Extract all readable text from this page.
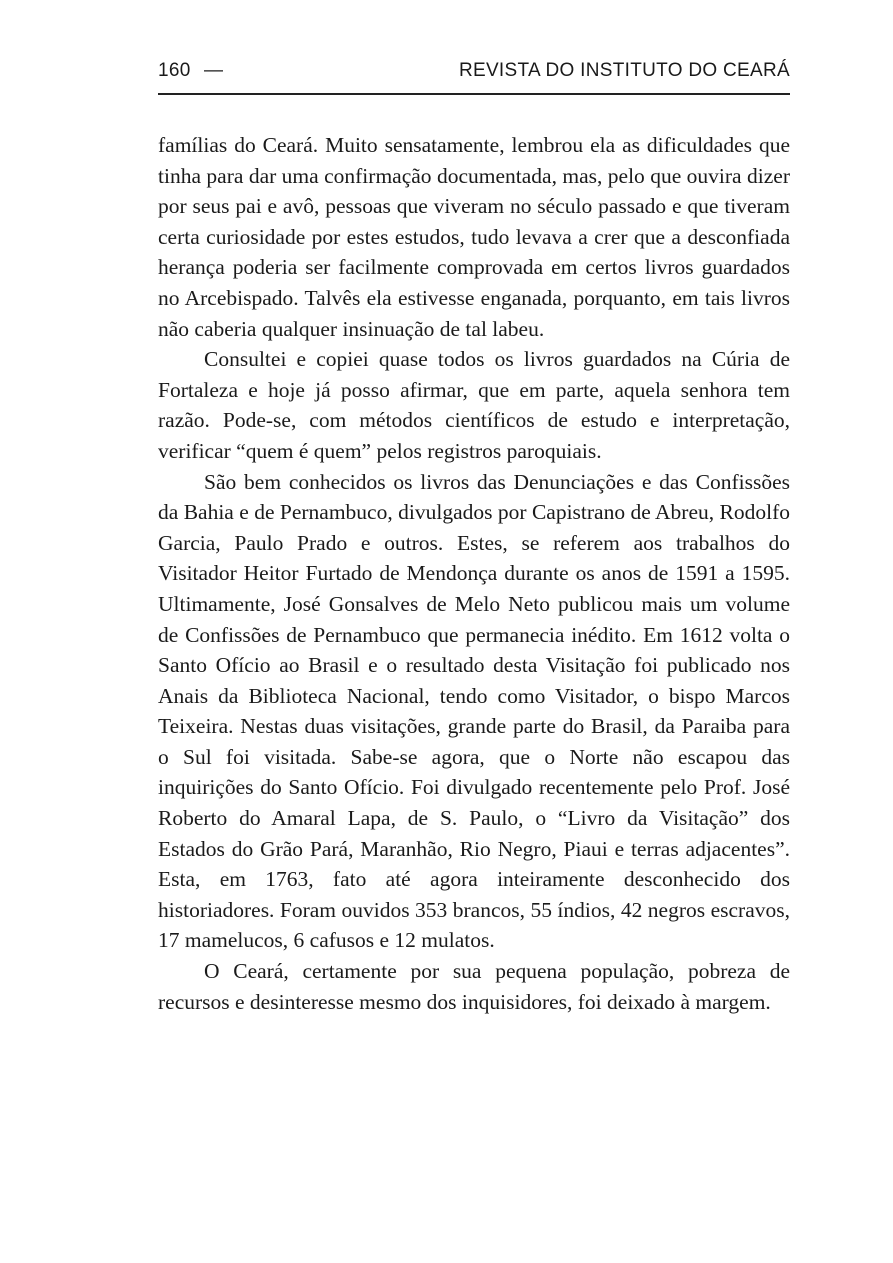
160 —	REVISTA DO INSTITUTO DO CEARÁ

famílias do Ceará. Muito sensatamente, lembrou ela as dificuldades que tinha para dar uma confirmação documentada, mas, pelo que ouvira dizer por seus pai e avô, pessoas que viveram no século passado e que tiveram certa curiosidade por estes estudos, tudo levava a crer que a desconfiada herança poderia ser facilmente comprovada em certos livros guardados no Arcebispado. Talvês ela estivesse enganada, porquanto, em tais livros não caberia qualquer insinuação de tal labeu.

Consultei e copiei quase todos os livros guardados na Cúria de Fortaleza e hoje já posso afirmar, que em parte, aquela senhora tem razão. Pode-se, com métodos científicos de estudo e interpretação, verificar “quem é quem” pelos registros paroquiais.

São bem conhecidos os livros das Denunciações e das Confissões da Bahia e de Pernambuco, divulgados por Capistrano de Abreu, Rodolfo Garcia, Paulo Prado e outros. Estes, se referem aos trabalhos do Visitador Heitor Furtado de Mendonça durante os anos de 1591 a 1595. Ultimamente, José Gonsalves de Melo Neto publicou mais um volume de Confissões de Pernambuco que permanecia inédito. Em 1612 volta o Santo Ofício ao Brasil e o resultado desta Visitação foi publicado nos Anais da Biblioteca Nacional, tendo como Visitador, o bispo Marcos Teixeira. Nestas duas visitações, grande parte do Brasil, da Paraiba para o Sul foi visitada. Sabe-se agora, que o Norte não escapou das inquirições do Santo Ofício. Foi divulgado recentemente pelo Prof. José Roberto do Amaral Lapa, de S. Paulo, o “Livro da Visitação” dos Estados do Grão Pará, Maranhão, Rio Negro, Piaui e terras adjacentes”. Esta, em 1763, fato até agora inteiramente desconhecido dos historiadores. Foram ouvidos 353 brancos, 55 índios, 42 negros escravos, 17 mamelucos, 6 cafusos e 12 mulatos.

O Ceará, certamente por sua pequena população, pobreza de recursos e desinteresse mesmo dos inquisidores, foi deixado à margem.
